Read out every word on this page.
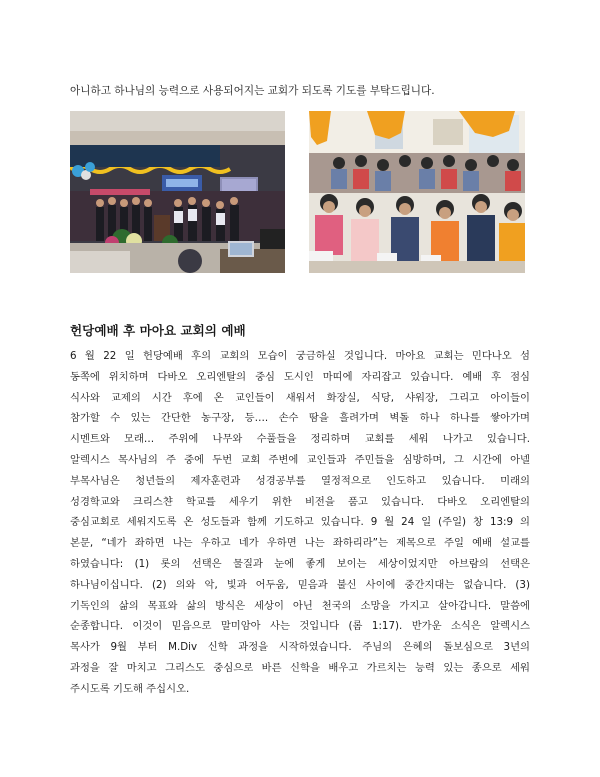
아니하고 하나님의 능력으로 사용되어지는 교회가 되도록 기도를 부탁드립니다.
헌당예배 후 마아요 교회의 예배
6 월 22 일 헌당예배 후의 교회의 모습이 궁금하실 것입니다. 마아요 교회는 민다나오 섬
동쪽에 위치하며 다바오 오리엔탈의 중심 도시인 마띠에 자리잡고 있습니다. 예배 후 점심
식사와 교제의 시간 후에 온 교인들이 새워서 화장실, 식당, 샤워장, 그리고 아이들이
참가할 수 있는 간단한 농구장, 등…. 손수 땀을 흘려가며 벽돌 하나 하나를 쌓아가며
시멘트와 모래… 주위에 나무와 수풀들을 정리하며 교회를 세워 나가고 있습니다.
알렉시스 목사님의 주 중에 두번 교회 주변에 교인들과 주민들을 심방하며, 그 시간에 아넬
부목사님은 청년들의 제자훈련과 성경공부를 열정적으로 인도하고 있습니다. 미래의
성경학교와 크리스챤 학교를 세우기 위한 비전을 품고 있습니다. 다바오 오리엔탈의
중심교회로 세워지도록 온 성도들과 함께 기도하고 있습니다. 9 월 24 일 (주일) 창 13:9 의
본문, “네가 좌하면 나는 우하고 네가 우하면 나는 좌하리라”는 제목으로 주일 예배 설교를
하였습니다: (1) 롯의 선택은 물질과 눈에 좋게 보이는 세상이었지만 아브람의 선택은
하나님이십니다. (2) 의와 악, 빛과 어두움, 믿음과 불신 사이에 중간지대는 없습니다. (3)
기독인의 삶의 목표와 삶의 방식은 세상이 아닌 천국의 소망을 가지고 살아갑니다. 말씀에
순종합니다. 이것이 믿음으로 말미암아 사는 것입니다 (롬 1:17). 반가운 소식은 알렉시스
목사가 9월 부터 M.Div 신학 과정을 시작하였습니다. 주님의 은혜의 돌보심으로 3년의
과정을 잘 마치고 그리스도 중심으로 바른 신학을 배우고 가르치는 능력 있는 종으로 세워
주시도록 기도해 주십시오.
